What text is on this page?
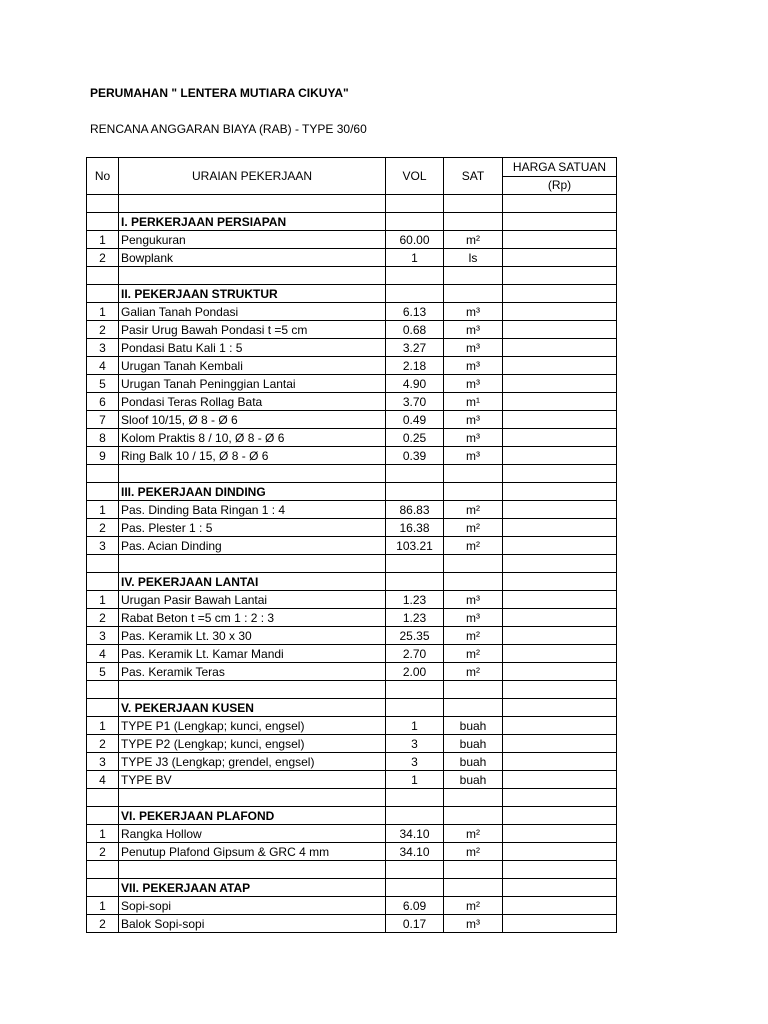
PERUMAHAN " LENTERA MUTIARA CIKUYA"
RENCANA ANGGARAN BIAYA (RAB) - TYPE 30/60
No	URAIAN PEKERJAAN	VOL	SAT	HARGA SATUAN
				(Rp)

	I. PERKERJAAN PERSIAPAN			
1	Pengukuran	60.00	m²	
2	Bowplank	1	ls	

	II. PEKERJAAN STRUKTUR			
1	Galian Tanah Pondasi	6.13	m³	
2	Pasir Urug Bawah Pondasi t =5 cm	0.68	m³	
3	Pondasi Batu Kali 1 : 5	3.27	m³	
4	Urugan Tanah Kembali	2.18	m³	
5	Urugan Tanah Peninggian Lantai	4.90	m³	
6	Pondasi Teras Rollag Bata	3.70	m¹	
7	Sloof 10/15, Ø 8 - Ø 6	0.49	m³	
8	Kolom Praktis 8 / 10, Ø 8 - Ø 6	0.25	m³	
9	Ring Balk 10 / 15, Ø 8 - Ø 6	0.39	m³	

	III. PEKERJAAN DINDING			
1	Pas. Dinding Bata Ringan 1 : 4	86.83	m²	
2	Pas. Plester 1 : 5	16.38	m²	
3	Pas. Acian Dinding	103.21	m²	

	IV. PEKERJAAN LANTAI			
1	Urugan Pasir Bawah Lantai	1.23	m³	
2	Rabat Beton t =5 cm 1 : 2 : 3	1.23	m³	
3	Pas. Keramik Lt. 30 x 30	25.35	m²	
4	Pas. Keramik Lt. Kamar Mandi	2.70	m²	
5	Pas. Keramik Teras	2.00	m²	

	V. PEKERJAAN KUSEN			
1	TYPE P1 (Lengkap; kunci, engsel)	1	buah	
2	TYPE P2 (Lengkap; kunci, engsel)	3	buah	
3	TYPE J3 (Lengkap; grendel, engsel)	3	buah	
4	TYPE BV	1	buah	

	VI. PEKERJAAN PLAFOND			
1	Rangka Hollow	34.10	m²	
2	Penutup Plafond Gipsum & GRC 4 mm	34.10	m²	

	VII. PEKERJAAN ATAP			
1	Sopi-sopi	6.09	m²	
2	Balok Sopi-sopi	0.17	m³	
